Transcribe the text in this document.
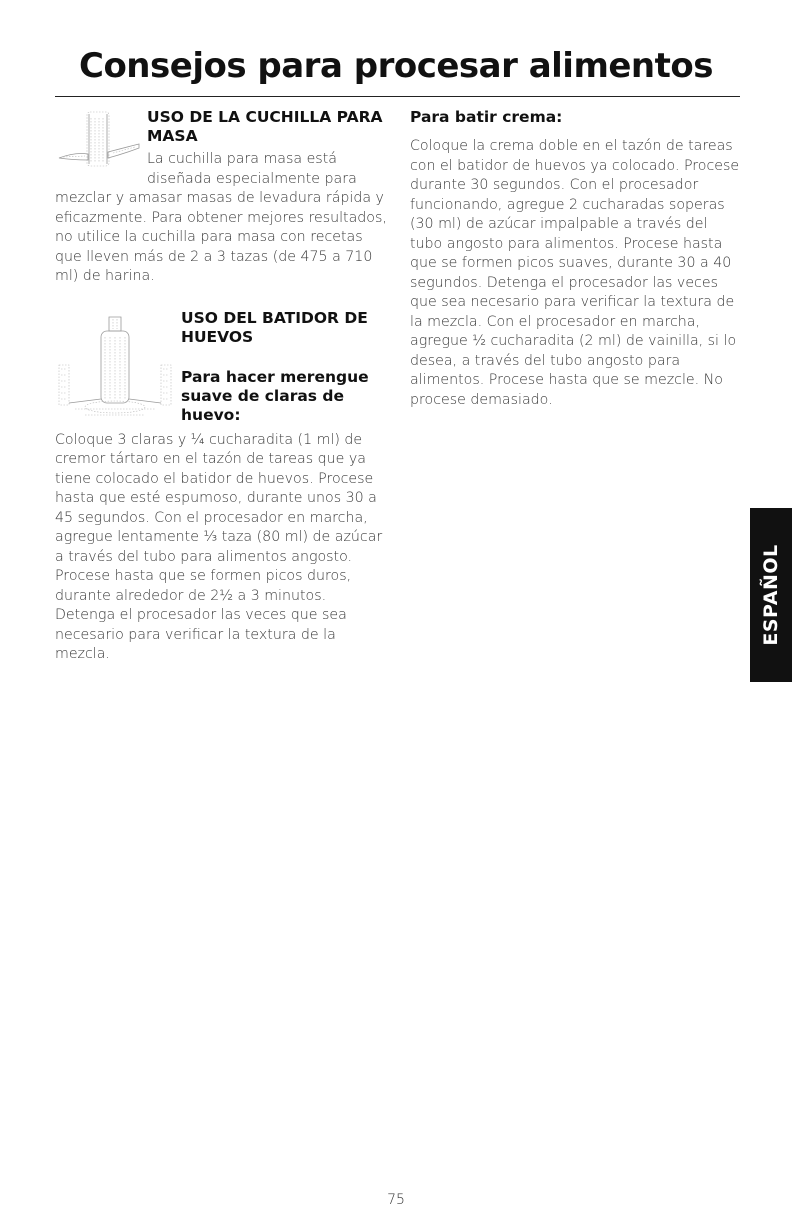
Consejos para procesar alimentos
USO DE LA CUCHILLA PARA MASA

La cuchilla para masa está diseñada especialmente para mezclar y amasar masas de levadura rápida y eficazmente. Para obtener mejores resultados, no utilice la cuchilla para masa con recetas que lleven más de 2 a 3 tazas (de 475 a 710 ml) de harina.

USO DEL BATIDOR DE HUEVOS
Para hacer merengue suave de claras de huevo:

Coloque 3 claras y ¼ cucharadita (1 ml) de cremor tártaro en el tazón de tareas que ya tiene colocado el batidor de huevos. Procese hasta que esté espumoso, durante unos 30 a 45 segundos. Con el procesador en marcha, agregue lentamente ⅓ taza (80 ml) de azúcar a través del tubo para alimentos angosto. Procese hasta que se formen picos duros, durante alrededor de 2½ a 3 minutos. Detenga el procesador las veces que sea necesario para verificar la textura de la mezcla.

Para batir crema:

Coloque la crema doble en el tazón de tareas con el batidor de huevos ya colocado. Procese durante 30 segundos. Con el procesador funcionando, agregue 2 cucharadas soperas (30 ml) de azúcar impalpable a través del tubo angosto para alimentos. Procese hasta que se formen picos suaves, durante 30 a 40 segundos. Detenga el procesador las veces que sea necesario para verificar la textura de la mezcla. Con el procesador en marcha, agregue ½ cucharadita (2 ml) de vainilla, si lo desea, a través del tubo angosto para alimentos. Procese hasta que se mezcle. No procese demasiado.

ESPAÑOL
75
